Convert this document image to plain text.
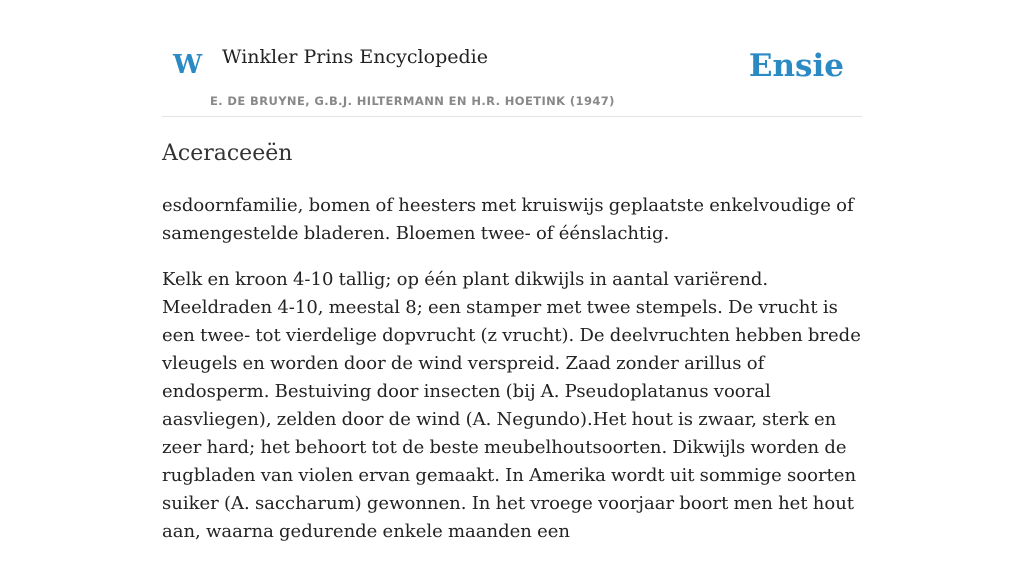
W Winkler Prins Encyclopedie
E. DE BRUYNE, G.B.J. HILTERMANN EN H.R. HOETINK (1947)
Ensie
Aceraceeën

esdoornfamilie, bomen of heesters met kruiswijs geplaatste enkelvoudige of samengestelde bladeren. Bloemen twee- of éénslachtig.

Kelk en kroon 4-10 tallig; op één plant dikwijls in aantal variërend. Meeldraden 4-10, meestal 8; een stamper met twee stempels. De vrucht is een twee- tot vierdelige dopvrucht (z vrucht). De deelvruchten hebben brede vleugels en worden door de wind verspreid. Zaad zonder arillus of endosperm. Bestuiving door insecten (bij A. Pseudoplatanus vooral aasvliegen), zelden door de wind (A. Negundo).Het hout is zwaar, sterk en zeer hard; het behoort tot de beste meubelhoutsoorten. Dikwijls worden de rugbladen van violen ervan gemaakt. In Amerika wordt uit sommige soorten suiker (A. saccharum) gewonnen. In het vroege voorjaar boort men het hout aan, waarna gedurende enkele maanden een
